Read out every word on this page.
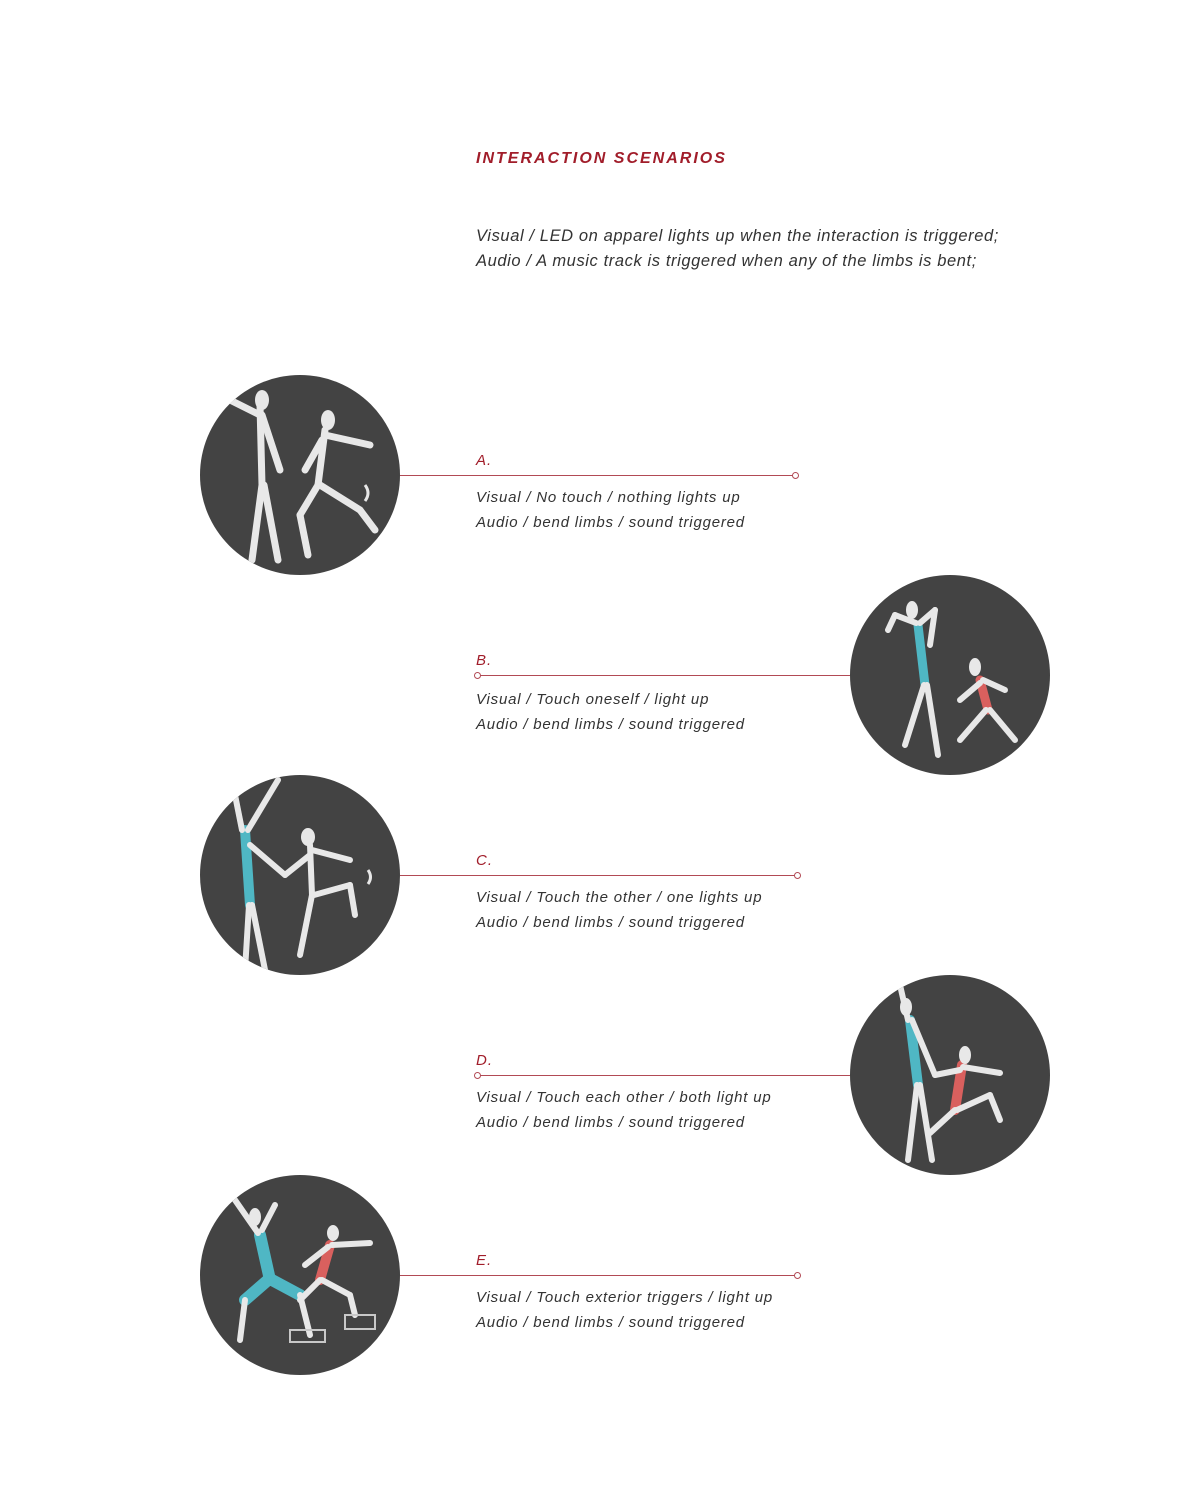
INTERACTION SCENARIOS
Visual / LED on apparel lights up when the interaction is triggered;
Audio / A music track is triggered when any of the limbs is bent;
A.
Visual / No touch / nothing lights up
Audio / bend limbs / sound triggered
B.
Visual / Touch oneself / light up
Audio / bend limbs / sound triggered
C.
Visual / Touch the other / one lights up
Audio / bend limbs / sound triggered
D.
Visual / Touch each other / both light up
Audio / bend limbs / sound triggered
E.
Visual / Touch exterior triggers / light up
Audio / bend limbs / sound triggered
